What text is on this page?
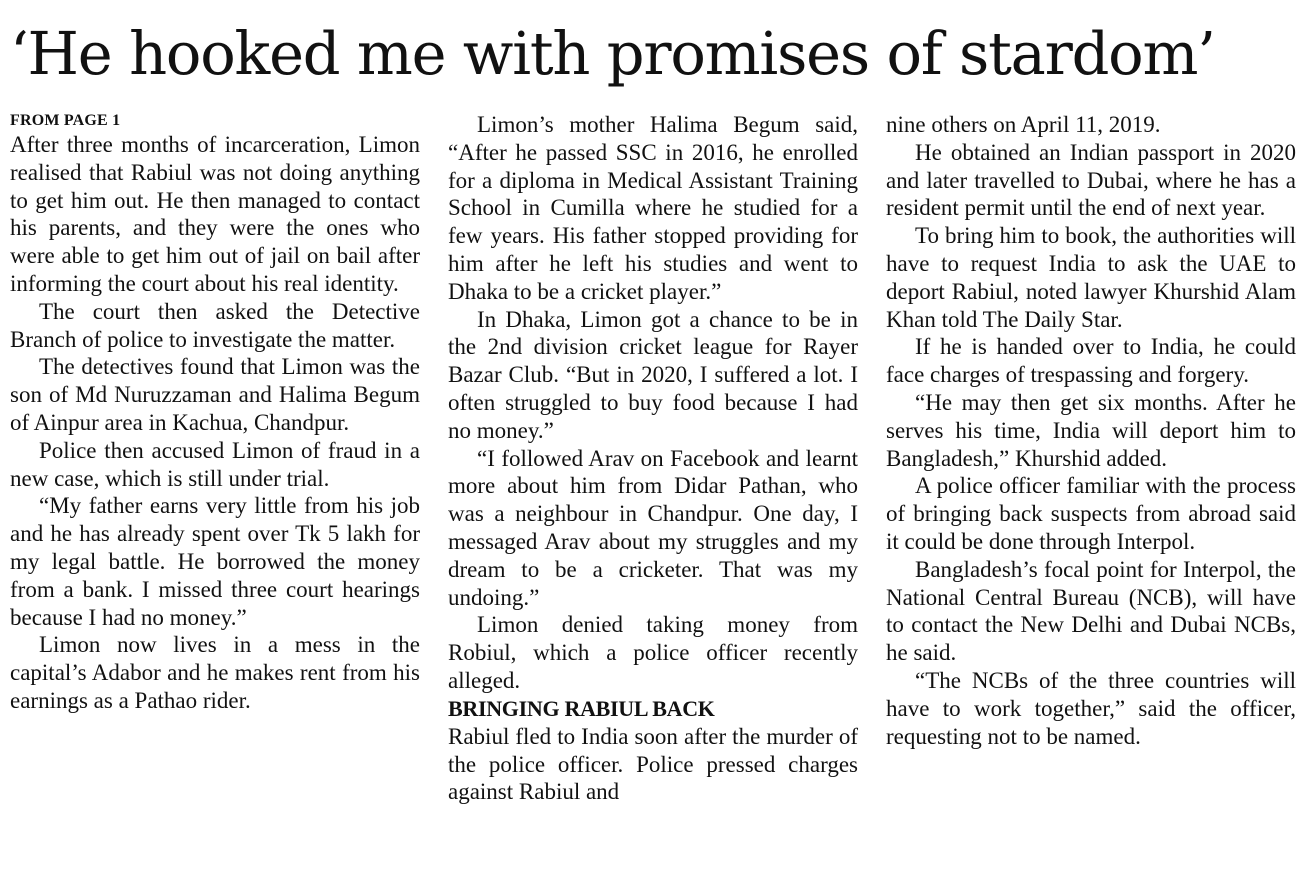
‘He hooked me with promises of stardom’
FROM PAGE 1

After three months of incarceration, Limon realised that Rabiul was not doing anything to get him out. He then managed to contact his parents, and they were the ones who were able to get him out of jail on bail after informing the court about his real identity.

The court then asked the Detective Branch of police to investigate the matter.

The detectives found that Limon was the son of Md Nuruzzaman and Halima Begum of Ainpur area in Kachua, Chandpur.

Police then accused Limon of fraud in a new case, which is still under trial.

“My father earns very little from his job and he has already spent over Tk 5 lakh for my legal battle. He borrowed the money from a bank. I missed three court hearings because I had no money.”

Limon now lives in a mess in the capital’s Adabor and he makes rent from his earnings as a Pathao rider.

Limon’s mother Halima Begum said, “After he passed SSC in 2016, he enrolled for a diploma in Medical Assistant Training School in Cumilla where he studied for a few years. His father stopped providing for him after he left his studies and went to Dhaka to be a cricket player.”

In Dhaka, Limon got a chance to be in the 2nd division cricket league for Rayer Bazar Club. “But in 2020, I suffered a lot. I often struggled to buy food because I had no money.”

“I followed Arav on Facebook and learnt more about him from Didar Pathan, who was a neighbour in Chandpur. One day, I messaged Arav about my struggles and my dream to be a cricketer. That was my undoing.”

Limon denied taking money from Robiul, which a police officer recently alleged.

BRINGING RABIUL BACK

Rabiul fled to India soon after the murder of the police officer. Police pressed charges against Rabiul and

nine others on April 11, 2019.

He obtained an Indian passport in 2020 and later travelled to Dubai, where he has a resident permit until the end of next year.

To bring him to book, the authorities will have to request India to ask the UAE to deport Rabiul, noted lawyer Khurshid Alam Khan told The Daily Star.

If he is handed over to India, he could face charges of trespassing and forgery.

“He may then get six months. After he serves his time, India will deport him to Bangladesh,” Khurshid added.

A police officer familiar with the process of bringing back suspects from abroad said it could be done through Interpol.

Bangladesh’s focal point for Interpol, the National Central Bureau (NCB), will have to contact the New Delhi and Dubai NCBs, he said.

“The NCBs of the three countries will have to work together,” said the officer, requesting not to be named.
